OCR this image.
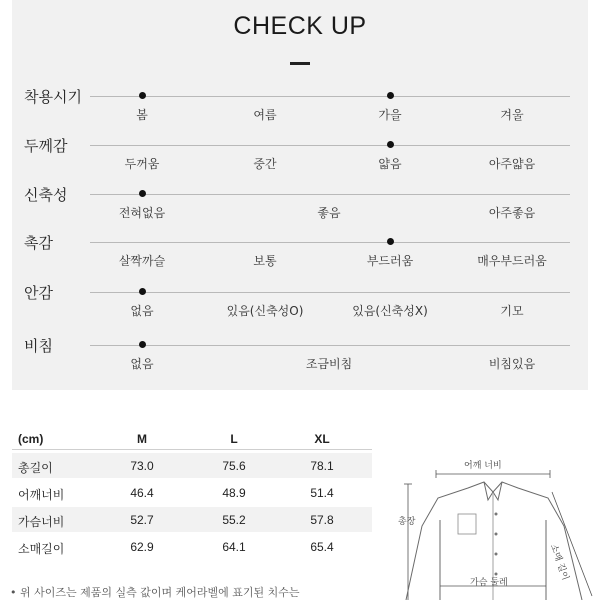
CHECK UP
착용시기
봄	여름	가을	겨울
두께감
두꺼움	중간	얇음	아주얇음
신축성
전혀없음	좋음	아주좋음
촉감
살짝까슬	보통	부드러움	매우부드러움
안감
없음	있음(신축성O)	있음(신축성X)	기모
비침
없음	조금비침	비침있음
(cm)	M	L	XL
총길이	73.0	75.6	78.1
어깨너비	46.4	48.9	51.4
가슴너비	52.7	55.2	57.8
소매길이	62.9	64.1	65.4
• 위 사이즈는 제품의 실측 값이며 케어라벨에 표기된 치수는
어깨 너비
총장
가슴 둘레
소매 길이
